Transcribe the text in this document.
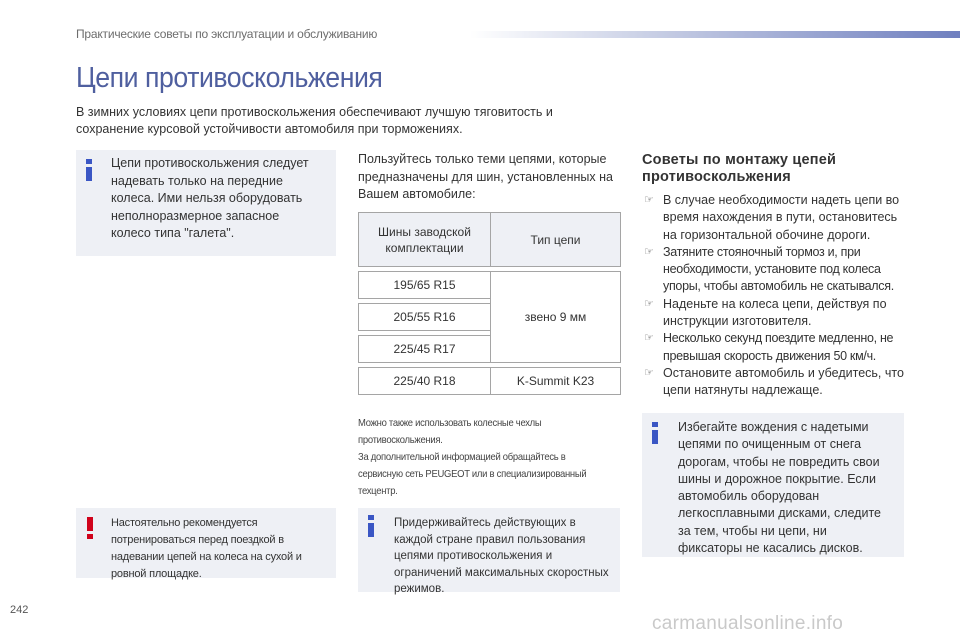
Практические советы по эксплуатации и обслуживанию
Цепи противоскольжения

В зимних условиях цепи противоскольжения обеспечивают лучшую тяговитость и сохранение курсовой устойчивости автомобиля при торможениях.

Цепи противоскольжения следует надевать только на передние колеса. Ими нельзя оборудовать неполноразмерное запасное колесо типа "галета".

Пользуйтесь только теми цепями, которые предназначены для шин, установленных на Вашем автомобиле:

Шины заводской комплектации	Тип цепи

195/65 R15	звено 9 мм

205/55 R16	

225/45 R17	

225/40 R18	K-Summit K23
Можно также использовать колесные чехлы противоскольжения.
За дополнительной информацией обращайтесь в сервисную сеть PEUGEOT или в специализированный техцентр.

Настоятельно рекомендуется потренироваться перед поездкой в надевании цепей на колеса на сухой и ровной площадке.

Придерживайтесь действующих в каждой стране правил пользования цепями противоскольжения и ограничений максимальных скоростных режимов.

Советы по монтажу цепей противоскольжения
☞ В случае необходимости надеть цепи во время нахождения в пути, остановитесь на горизонтальной обочине дороги.
☞ Затяните стояночный тормоз и, при необходимости, установите под колеса упоры, чтобы автомобиль не скатывался.
☞ Наденьте на колеса цепи, действуя по инструкции изготовителя.
☞ Несколько секунд поездите медленно, не превышая скорость движения 50 км/ч.
☞ Остановите автомобиль и убедитесь, что цепи натянуты надлежаще.

Избегайте вождения с надетыми цепями по очищенным от снега дорогам, чтобы не повредить свои шины и дорожное покрытие. Если автомобиль оборудован легкосплавными дисками, следите за тем, чтобы ни цепи, ни фиксаторы не касались дисков.

242
carmanualsonline.info
